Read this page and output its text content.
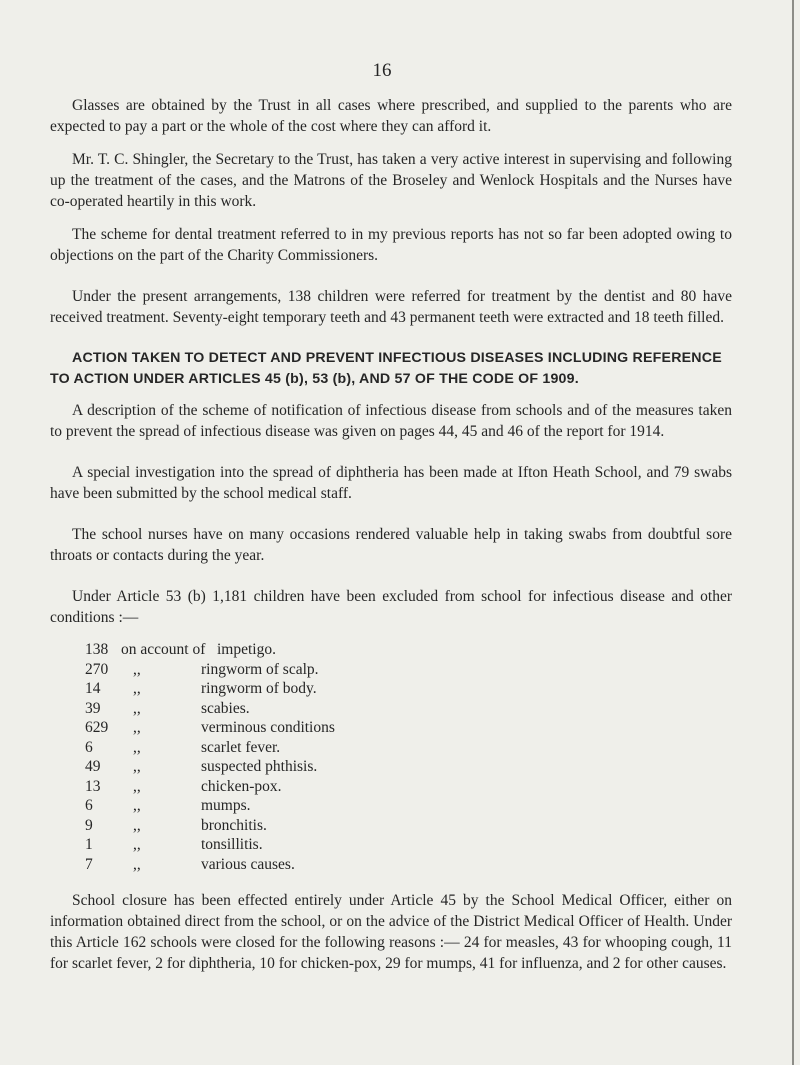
16

Glasses are obtained by the Trust in all cases where prescribed, and supplied to the parents who are expected to pay a part or the whole of the cost where they can afford it.

Mr. T. C. Shingler, the Secretary to the Trust, has taken a very active interest in supervising and following up the treatment of the cases, and the Matrons of the Broseley and Wenlock Hospitals and the Nurses have co-operated heartily in this work.

The scheme for dental treatment referred to in my previous reports has not so far been adopted owing to objections on the part of the Charity Commissioners.

Under the present arrangements, 138 children were referred for treatment by the dentist and 80 have received treatment. Seventy-eight temporary teeth and 43 permanent teeth were extracted and 18 teeth filled.

ACTION TAKEN TO DETECT AND PREVENT INFECTIOUS DISEASES INCLUDING REFERENCE TO ACTION UNDER ARTICLES 45 (b), 53 (b), AND 57 OF THE CODE OF 1909.

A description of the scheme of notification of infectious disease from schools and of the measures taken to prevent the spread of infectious disease was given on pages 44, 45 and 46 of the report for 1914.

A special investigation into the spread of diphtheria has been made at Ifton Heath School, and 79 swabs have been submitted by the school medical staff.

The school nurses have on many occasions rendered valuable help in taking swabs from doubtful sore throats or contacts during the year.

Under Article 53 (b) 1,181 children have been excluded from school for infectious disease and other conditions :—

138 on account of impetigo.
270	,,	ringworm of scalp.
14	,,	ringworm of body.
39	,,	scabies.
629	,,	verminous conditions
6	,,	scarlet fever.
49	,,	suspected phthisis.
13	,,	chicken-pox.
6	,,	mumps.
9	,,	bronchitis.
1	,,	tonsillitis.
7	,,	various causes.

School closure has been effected entirely under Article 45 by the School Medical Officer, either on information obtained direct from the school, or on the advice of the District Medical Officer of Health. Under this Article 162 schools were closed for the following reasons :— 24 for measles, 43 for whooping cough, 11 for scarlet fever, 2 for diphtheria, 10 for chicken-pox, 29 for mumps, 41 for influenza, and 2 for other causes.
